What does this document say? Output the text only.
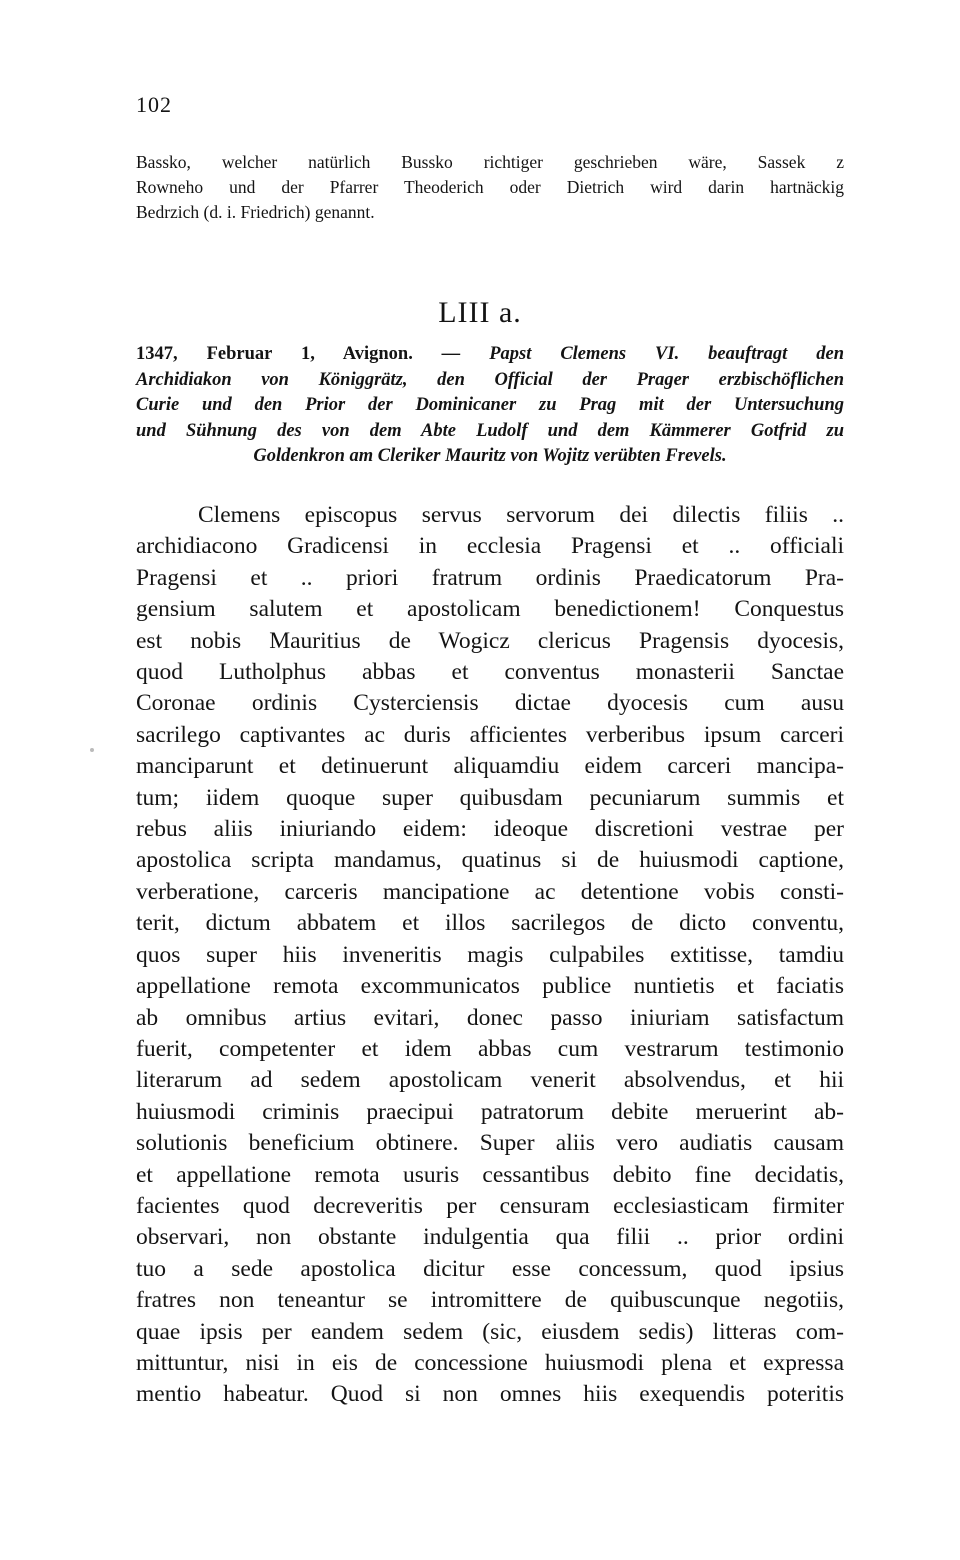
102
Bassko, welcher natürlich Bussko richtiger geschrieben wäre, Sassek z
Rowneho und der Pfarrer Theoderich oder Dietrich wird darin hartnäckig
Bedrzich (d. i. Friedrich) genannt.
LIII a.
1347, Februar 1, Avignon. — Papst Clemens VI. beauftragt den
Archidiakon von Königgrätz, den Official der Prager erzbischöflichen
Curie und den Prior der Dominicaner zu Prag mit der Untersuchung
und Sühnung des von dem Abte Ludolf und dem Kämmerer Gotfrid zu
Goldenkron am Cleriker Mauritz von Wojitz verübten Frevels.
Clemens episcopus servus servorum dei dilectis filiis ..
archidiacono Gradicensi in ecclesia Pragensi et .. officiali
Pragensi et .. priori fratrum ordinis Praedicatorum Pra-
gensium salutem et apostolicam benedictionem! Conquestus
est nobis Mauritius de Wogicz clericus Pragensis dyocesis,
quod Lutholphus abbas et conventus monasterii Sanctae
Coronae ordinis Cysterciensis dictae dyocesis cum ausu
sacrilego captivantes ac duris afficientes verberibus ipsum carceri
manciparunt et detinuerunt aliquamdiu eidem carceri mancipa-
tum; iidem quoque super quibusdam pecuniarum summis et
rebus aliis iniuriando eidem: ideoque discretioni vestrae per
apostolica scripta mandamus, quatinus si de huiusmodi captione,
verberatione, carceris mancipatione ac detentione vobis consti-
terit, dictum abbatem et illos sacrilegos de dicto conventu,
quos super hiis inveneritis magis culpabiles extitisse, tamdiu
appellatione remota excommunicatos publice nuntietis et faciatis
ab omnibus artius evitari, donec passo iniuriam satisfactum
fuerit, competenter et idem abbas cum vestrarum testimonio
literarum ad sedem apostolicam venerit absolvendus, et hii
huiusmodi criminis praecipui patratorum debite meruerint ab-
solutionis beneficium obtinere. Super aliis vero audiatis causam
et appellatione remota usuris cessantibus debito fine decidatis,
facientes quod decreveritis per censuram ecclesiasticam firmiter
observari, non obstante indulgentia qua filii .. prior ordini
tuo a sede apostolica dicitur esse concessum, quod ipsius
fratres non teneantur se intromittere de quibuscunque negotiis,
quae ipsis per eandem sedem (sic, eiusdem sedis) litteras com-
mittuntur, nisi in eis de concessione huiusmodi plena et expressa
mentio habeatur. Quod si non omnes hiis exequendis poteritis
